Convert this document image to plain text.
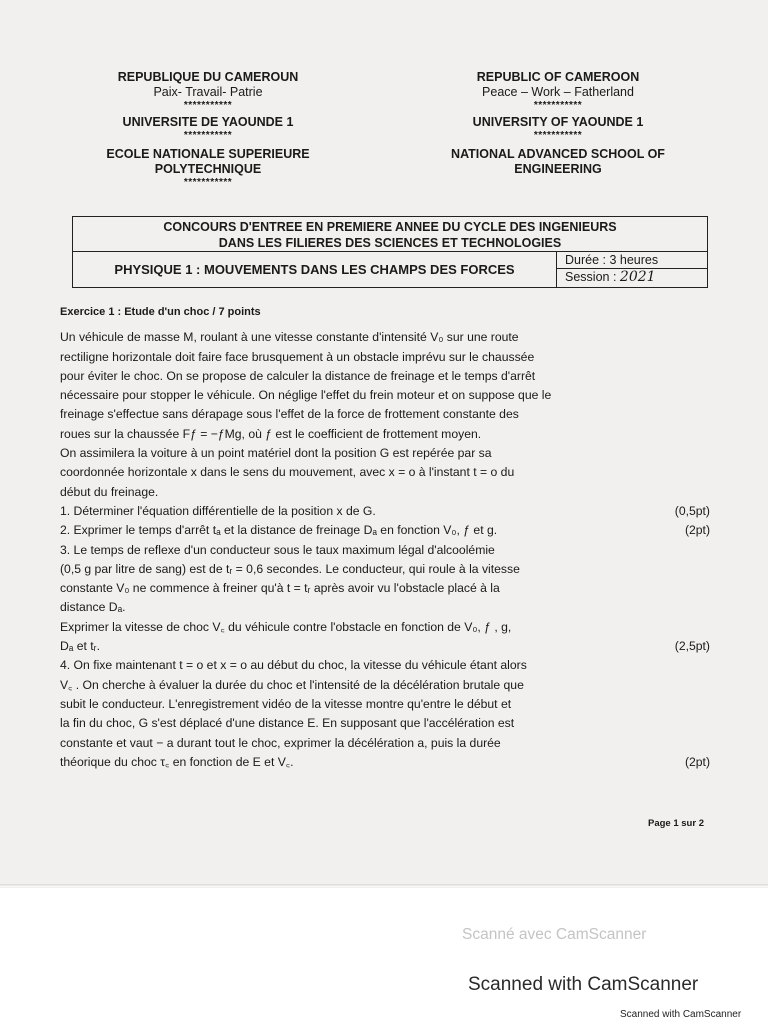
REPUBLIQUE DU CAMEROUN
Paix- Travail- Patrie
***********
UNIVERSITE DE YAOUNDE 1
***********
ECOLE NATIONALE SUPERIEURE
POLYTECHNIQUE
***********
REPUBLIC OF CAMEROON
Peace – Work – Fatherland
***********
UNIVERSITY OF YAOUNDE 1
***********
NATIONAL ADVANCED SCHOOL OF
ENGINEERING
CONCOURS D'ENTREE EN PREMIERE ANNEE DU CYCLE DES INGENIEURS
DANS LES FILIERES DES SCIENCES ET TECHNOLOGIES
PHYSIQUE 1 : MOUVEMENTS DANS LES CHAMPS DES FORCES
Durée : 3 heures
Session : 2021

Exercice 1 : Etude d'un choc / 7 points

Un véhicule de masse M, roulant à une vitesse constante d'intensité V₀ sur une route

rectiligne horizontale doit faire face brusquement à un obstacle imprévu sur le chaussée

pour éviter le choc. On se propose de calculer la distance de freinage et le temps d'arrêt

nécessaire pour stopper le véhicule. On néglige l'effet du frein moteur et on suppose que le

freinage s'effectue sans dérapage sous l'effet de la force de frottement constante des

roues sur la chaussée Fƒ = −ƒMg, où ƒ est le coefficient de frottement moyen.

On assimilera la voiture à un point matériel dont la position G est repérée par sa

coordonnée horizontale x dans le sens du mouvement, avec x = o à l'instant t = o du

début du freinage.

1. Déterminer l'équation différentielle de la position x de G.	(0,5pt)

2. Exprimer le temps d'arrêt tₐ et la distance de freinage Dₐ en fonction V₀, ƒ et g.	(2pt)

3. Le temps de reflexe d'un conducteur sous le taux maximum légal d'alcoolémie

(0,5 g par litre de sang) est de tᵣ = 0,6 secondes. Le conducteur, qui roule à la vitesse

constante V₀ ne commence à freiner qu'à t = tᵣ après avoir vu l'obstacle placé à la

distance Dₐ.

Exprimer la vitesse de choc V꜀ du véhicule contre l'obstacle en fonction de V₀, ƒ , g,

Dₐ et tᵣ.	(2,5pt)

4. On fixe maintenant t = o et x = o au début du choc, la vitesse du véhicule étant alors

V꜀ . On cherche à évaluer la durée du choc et l'intensité de la décélération brutale que

subit le conducteur. L'enregistrement vidéo de la vitesse montre qu'entre le début et

la fin du choc, G s'est déplacé d'une distance E. En supposant que l'accélération est

constante et vaut − a durant tout le choc, exprimer la décélération a, puis la durée

théorique du choc τ꜀ en fonction de E et V꜀.	(2pt)
Page 1 sur 2
Scanné avec CamScanner
Scanned with CamScanner
Scanned with CamScanner
